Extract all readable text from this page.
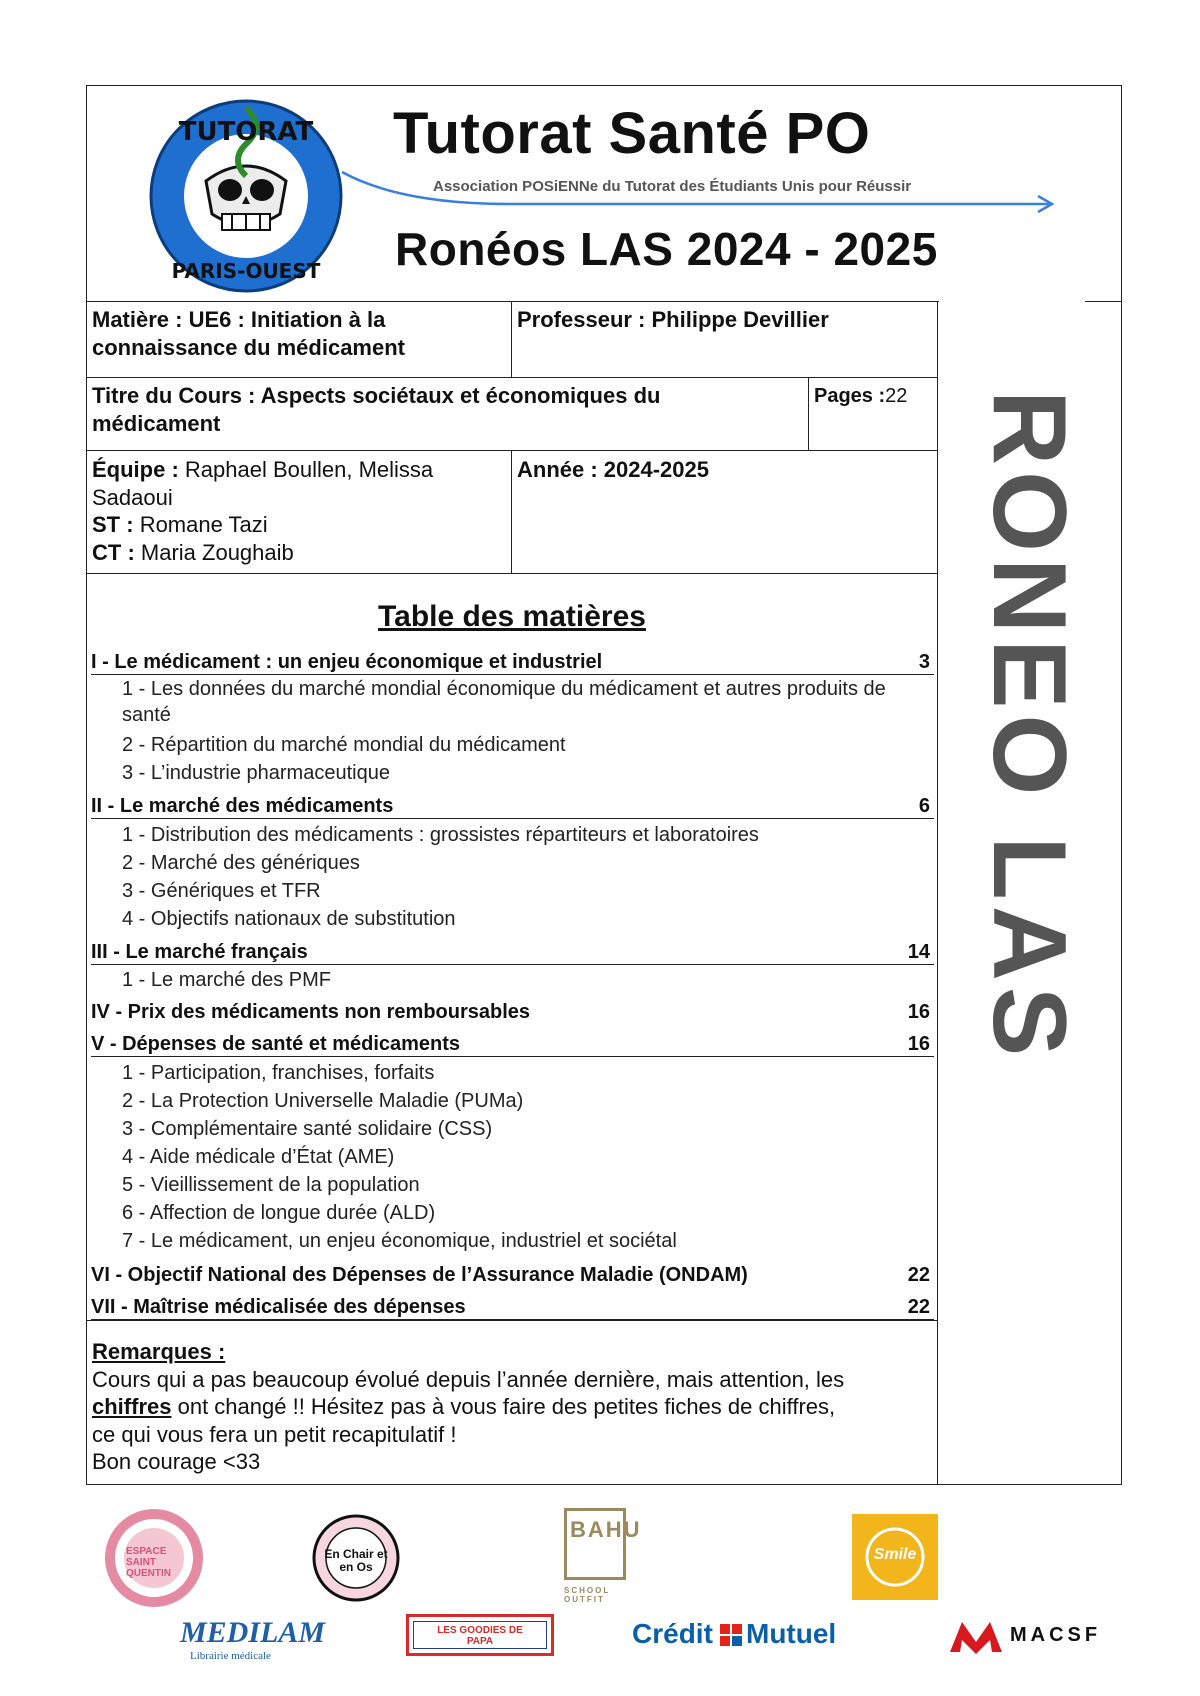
TUTORAT
PARIS-OUEST
Tutorat Santé PO
Association POSiENNe du Tutorat des Étudiants Unis pour Réussir
Ronéos LAS 2024 - 2025
RONEO LAS
Matière : UE6 : Initiation à la connaissance du médicament
Professeur : Philippe Devillier
Titre du Cours : Aspects sociétaux et économiques du médicament
Pages :22
Équipe : Raphael Boullen, Melissa Sadaoui
ST : Romane Tazi
CT : Maria Zoughaib
Année : 2024-2025
Table des matières
I - Le médicament : un enjeu économique et industriel	3
1 - Les données du marché mondial économique du médicament et autres produits de santé
2 - Répartition du marché mondial du médicament
3 - L’industrie pharmaceutique
II - Le marché des médicaments	6
1 - Distribution des médicaments : grossistes répartiteurs et laboratoires
2 - Marché des génériques
3 - Génériques et TFR
4 - Objectifs nationaux de substitution
III - Le marché français	14
1 - Le marché des PMF
IV - Prix des médicaments non remboursables	16
V - Dépenses de santé et médicaments	16
1 - Participation, franchises, forfaits
2 - La Protection Universelle Maladie (PUMa)
3 - Complémentaire santé solidaire (CSS)
4 - Aide médicale d’État (AME)
5 - Vieillissement de la population
6 - Affection de longue durée (ALD)
7 - Le médicament, un enjeu économique, industriel et sociétal
VI - Objectif National des Dépenses de l’Assurance Maladie (ONDAM)	22
VII - Maîtrise médicalisée des dépenses	22
Remarques :
Cours qui a pas beaucoup évolué depuis l’année dernière, mais attention, les
chiffres ont changé !! Hésitez pas à vous faire des petites fiches de chiffres,
ce qui vous fera un petit recapitulatif !
Bon courage <33
ESPACE SAINT QUENTIN
En Chair et en Os
BAHU
SCHOOL OUTFIT
Smile
MEDILAM
Librairie médicale
LES GOODIES DE PAPA	Crédit Mutuel	MACSF
